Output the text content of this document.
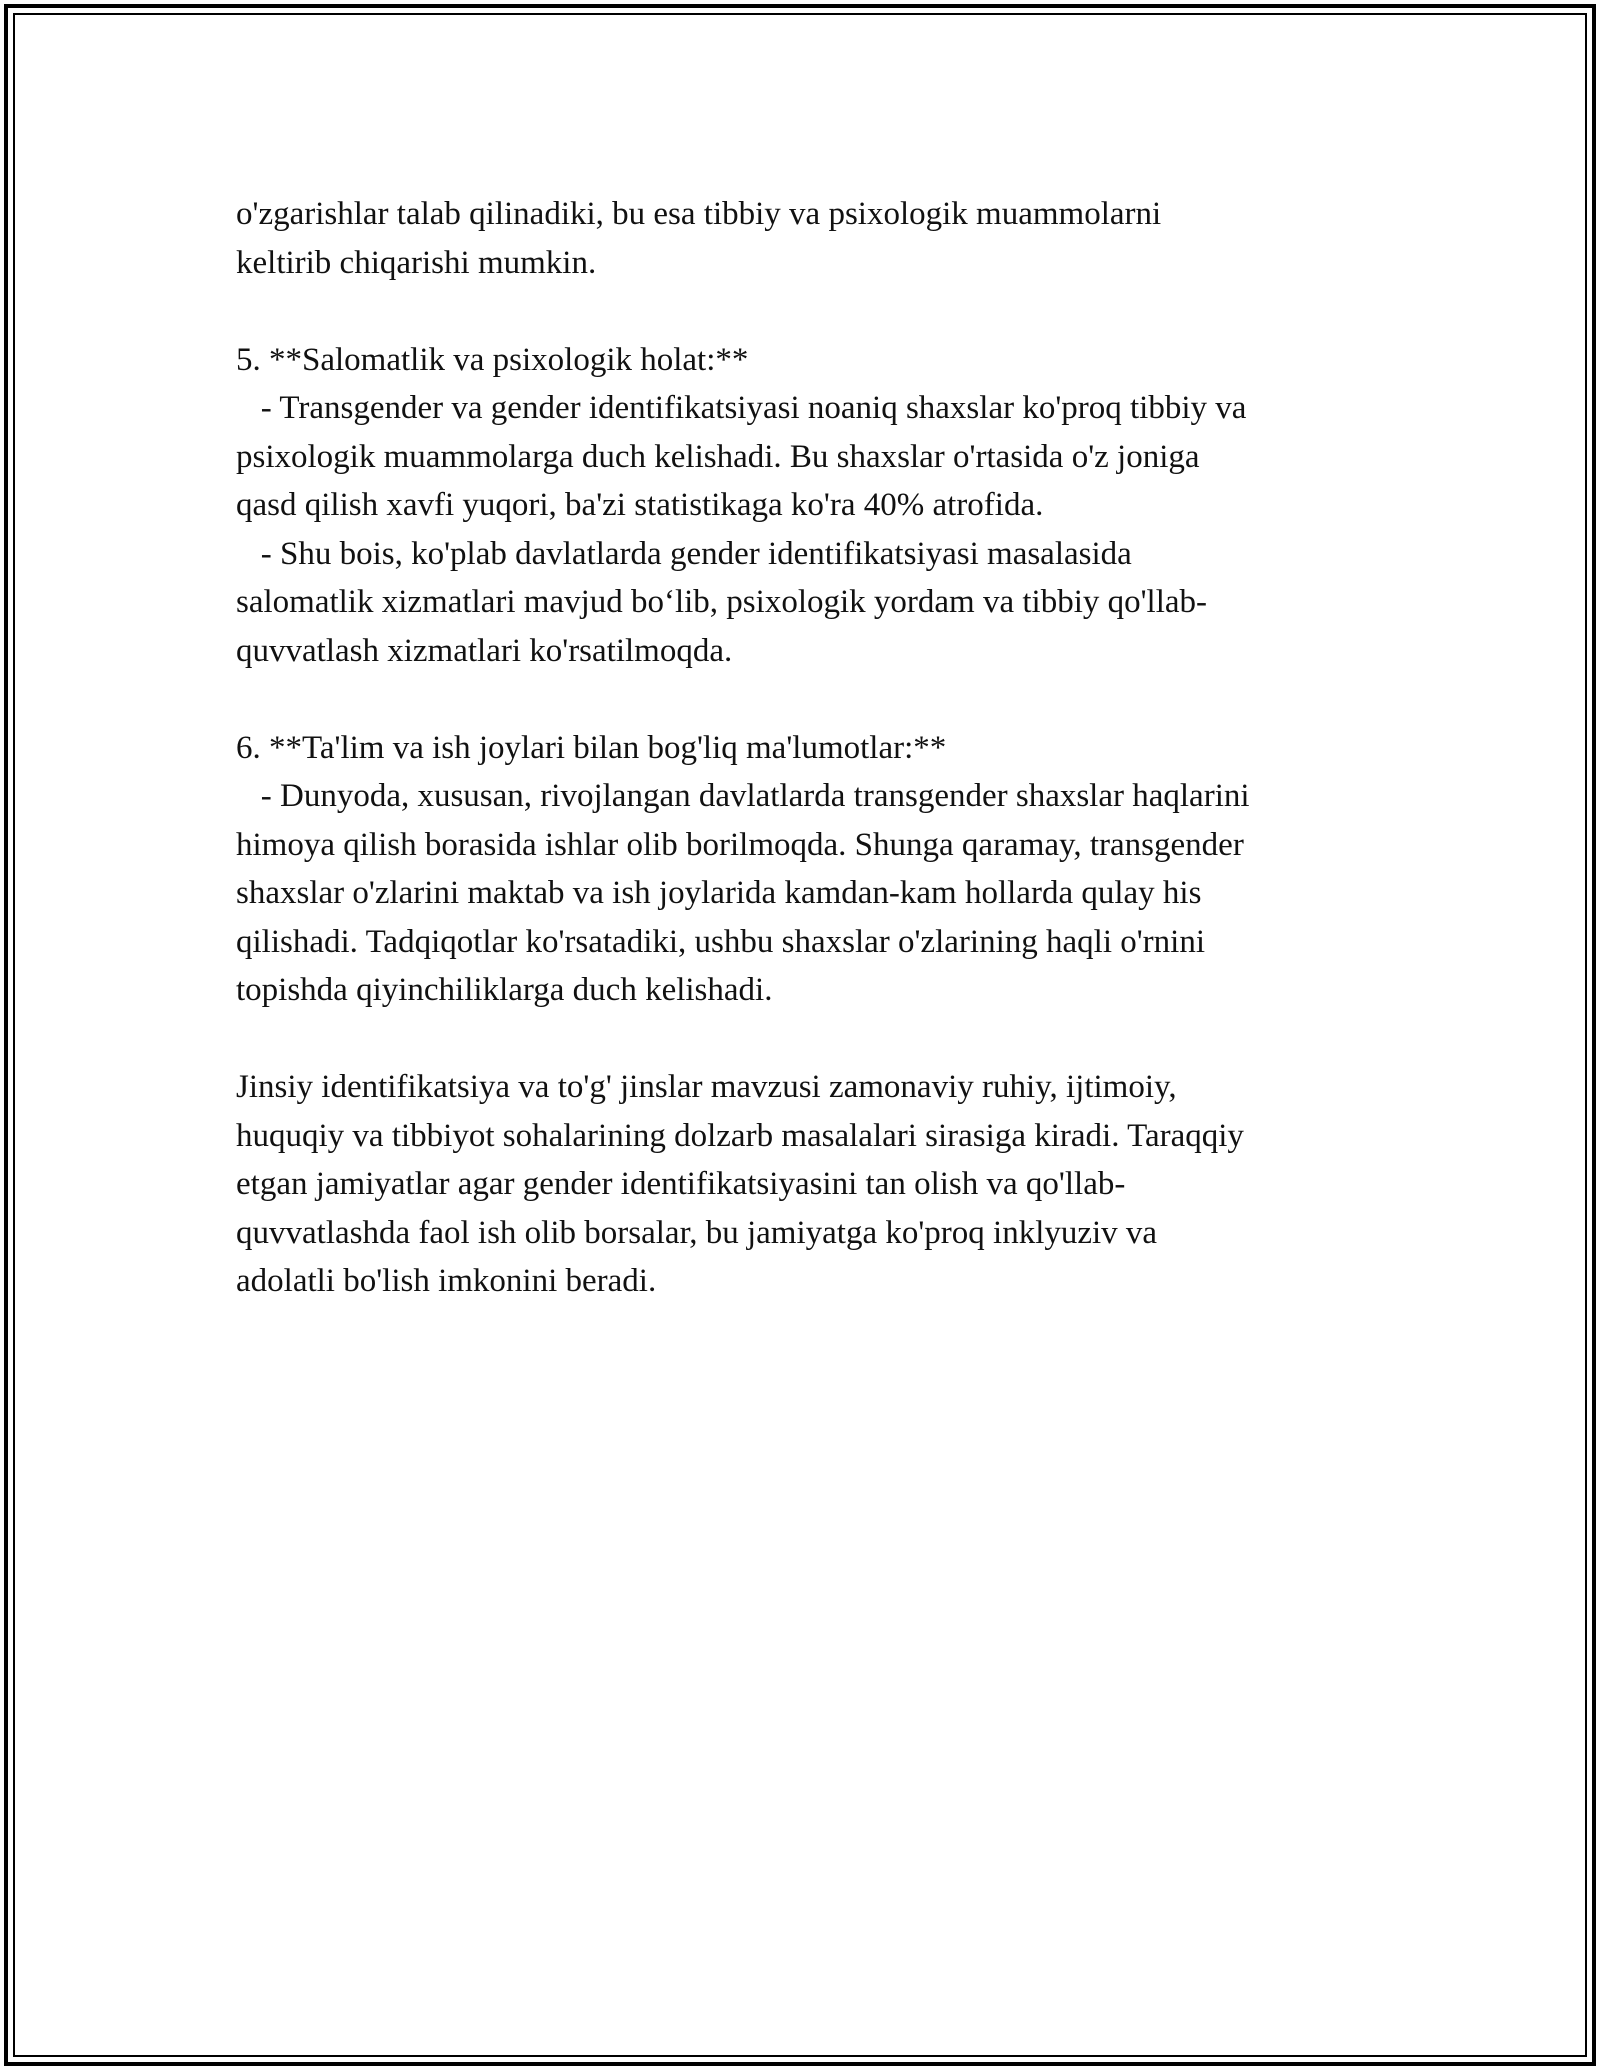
o'zgarishlar talab qilinadiki, bu esa tibbiy va psixologik muammolarni
keltirib chiqarishi mumkin.
5. **Salomatlik va psixologik holat:**
- Transgender va gender identifikatsiyasi noaniq shaxslar ko'proq tibbiy va
psixologik muammolarga duch kelishadi. Bu shaxslar o'rtasida o'z joniga
qasd qilish xavfi yuqori, ba'zi statistikaga ko'ra 40% atrofida.
- Shu bois, ko'plab davlatlarda gender identifikatsiyasi masalasida
salomatlik xizmatlari mavjud bo‘lib, psixologik yordam va tibbiy qo'llab-
quvvatlash xizmatlari ko'rsatilmoqda.
6. **Ta'lim va ish joylari bilan bog'liq ma'lumotlar:**
- Dunyoda, xususan, rivojlangan davlatlarda transgender shaxslar haqlarini
himoya qilish borasida ishlar olib borilmoqda. Shunga qaramay, transgender
shaxslar o'zlarini maktab va ish joylarida kamdan-kam hollarda qulay his
qilishadi. Tadqiqotlar ko'rsatadiki, ushbu shaxslar o'zlarining haqli o'rnini
topishda qiyinchiliklarga duch kelishadi.
Jinsiy identifikatsiya va to'g' jinslar mavzusi zamonaviy ruhiy, ijtimoiy,
huquqiy va tibbiyot sohalarining dolzarb masalalari sirasiga kiradi. Taraqqiy
etgan jamiyatlar agar gender identifikatsiyasini tan olish va qo'llab-
quvvatlashda faol ish olib borsalar, bu jamiyatga ko'proq inklyuziv va
adolatli bo'lish imkonini beradi.
